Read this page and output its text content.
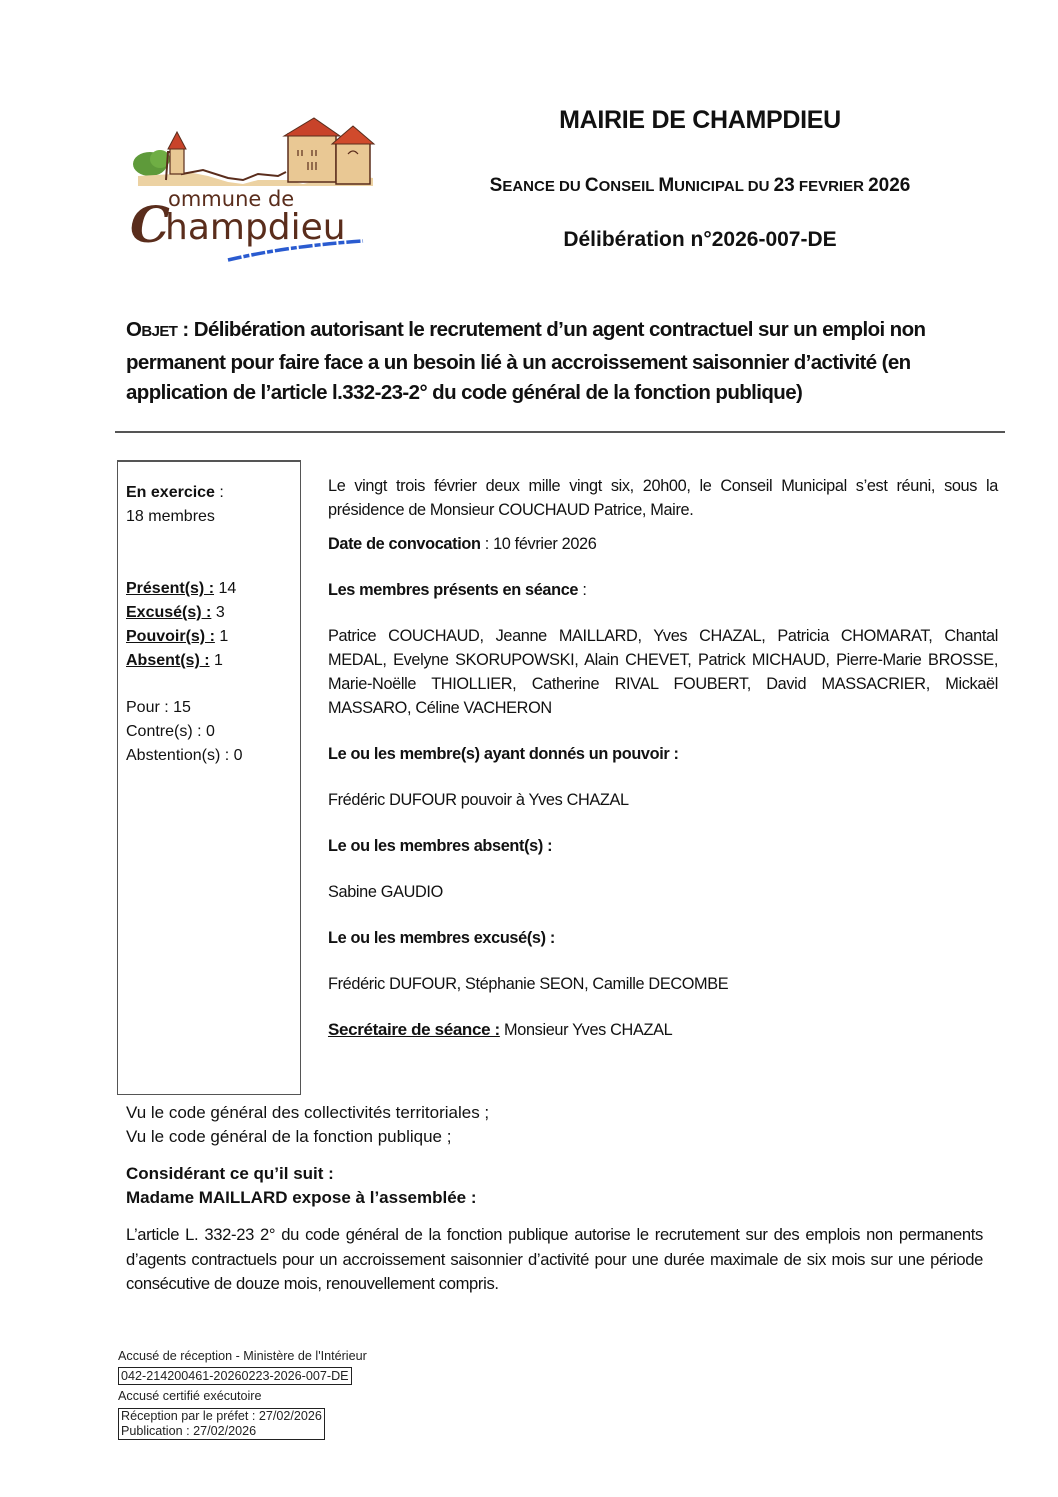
ommune de
C
hampdieu
MAIRIE DE CHAMPDIEU
SEANCE DU CONSEIL MUNICIPAL DU 23 FEVRIER 2026
Délibération n°2026-007-DE
OBJET : Délibération autorisant le recrutement d’un agent contractuel sur un emploi non permanent pour faire face a un besoin lié à un accroissement saisonnier d’activité (en application de l’article l.332-23-2° du code général de la fonction publique)
En exercice :
18 membres
Présent(s) : 14
Excusé(s) : 3
Pouvoir(s) : 1
Absent(s) : 1
Pour : 15
Contre(s) : 0
Abstention(s) : 0

Le vingt trois février deux mille vingt six, 20h00, le Conseil Municipal s’est réuni, sous la présidence de Monsieur COUCHAUD Patrice, Maire.

Date de convocation : 10 février 2026

Les membres présents en séance :

Patrice COUCHAUD, Jeanne MAILLARD, Yves CHAZAL, Patricia CHOMARAT, Chantal MEDAL, Evelyne SKORUPOWSKI, Alain CHEVET, Patrick MICHAUD, Pierre-Marie BROSSE, Marie-Noëlle THIOLLIER, Catherine RIVAL FOUBERT, David MASSACRIER, Mickaël MASSARO, Céline VACHERON

Le ou les membre(s) ayant donnés un pouvoir :

Frédéric DUFOUR pouvoir à Yves CHAZAL

Le ou les membres absent(s) :

Sabine GAUDIO

Le ou les membres excusé(s) :

Frédéric DUFOUR, Stéphanie SEON, Camille DECOMBE

Secrétaire de séance : Monsieur Yves CHAZAL

Vu le code général des collectivités territoriales ;
Vu le code général de la fonction publique ;
Considérant ce qu’il suit :
Madame MAILLARD expose à l’assemblée :
L’article L. 332-23 2° du code général de la fonction publique autorise le recrutement sur des emplois non permanents d’agents contractuels pour un accroissement saisonnier d’activité pour une durée maximale de six mois sur une période consécutive de douze mois, renouvellement compris.
Accusé de réception - Ministère de l'Intérieur
042-214200461-20260223-2026-007-DE
Accusé certifié exécutoire
Réception par le préfet : 27/02/2026
Publication : 27/02/2026
